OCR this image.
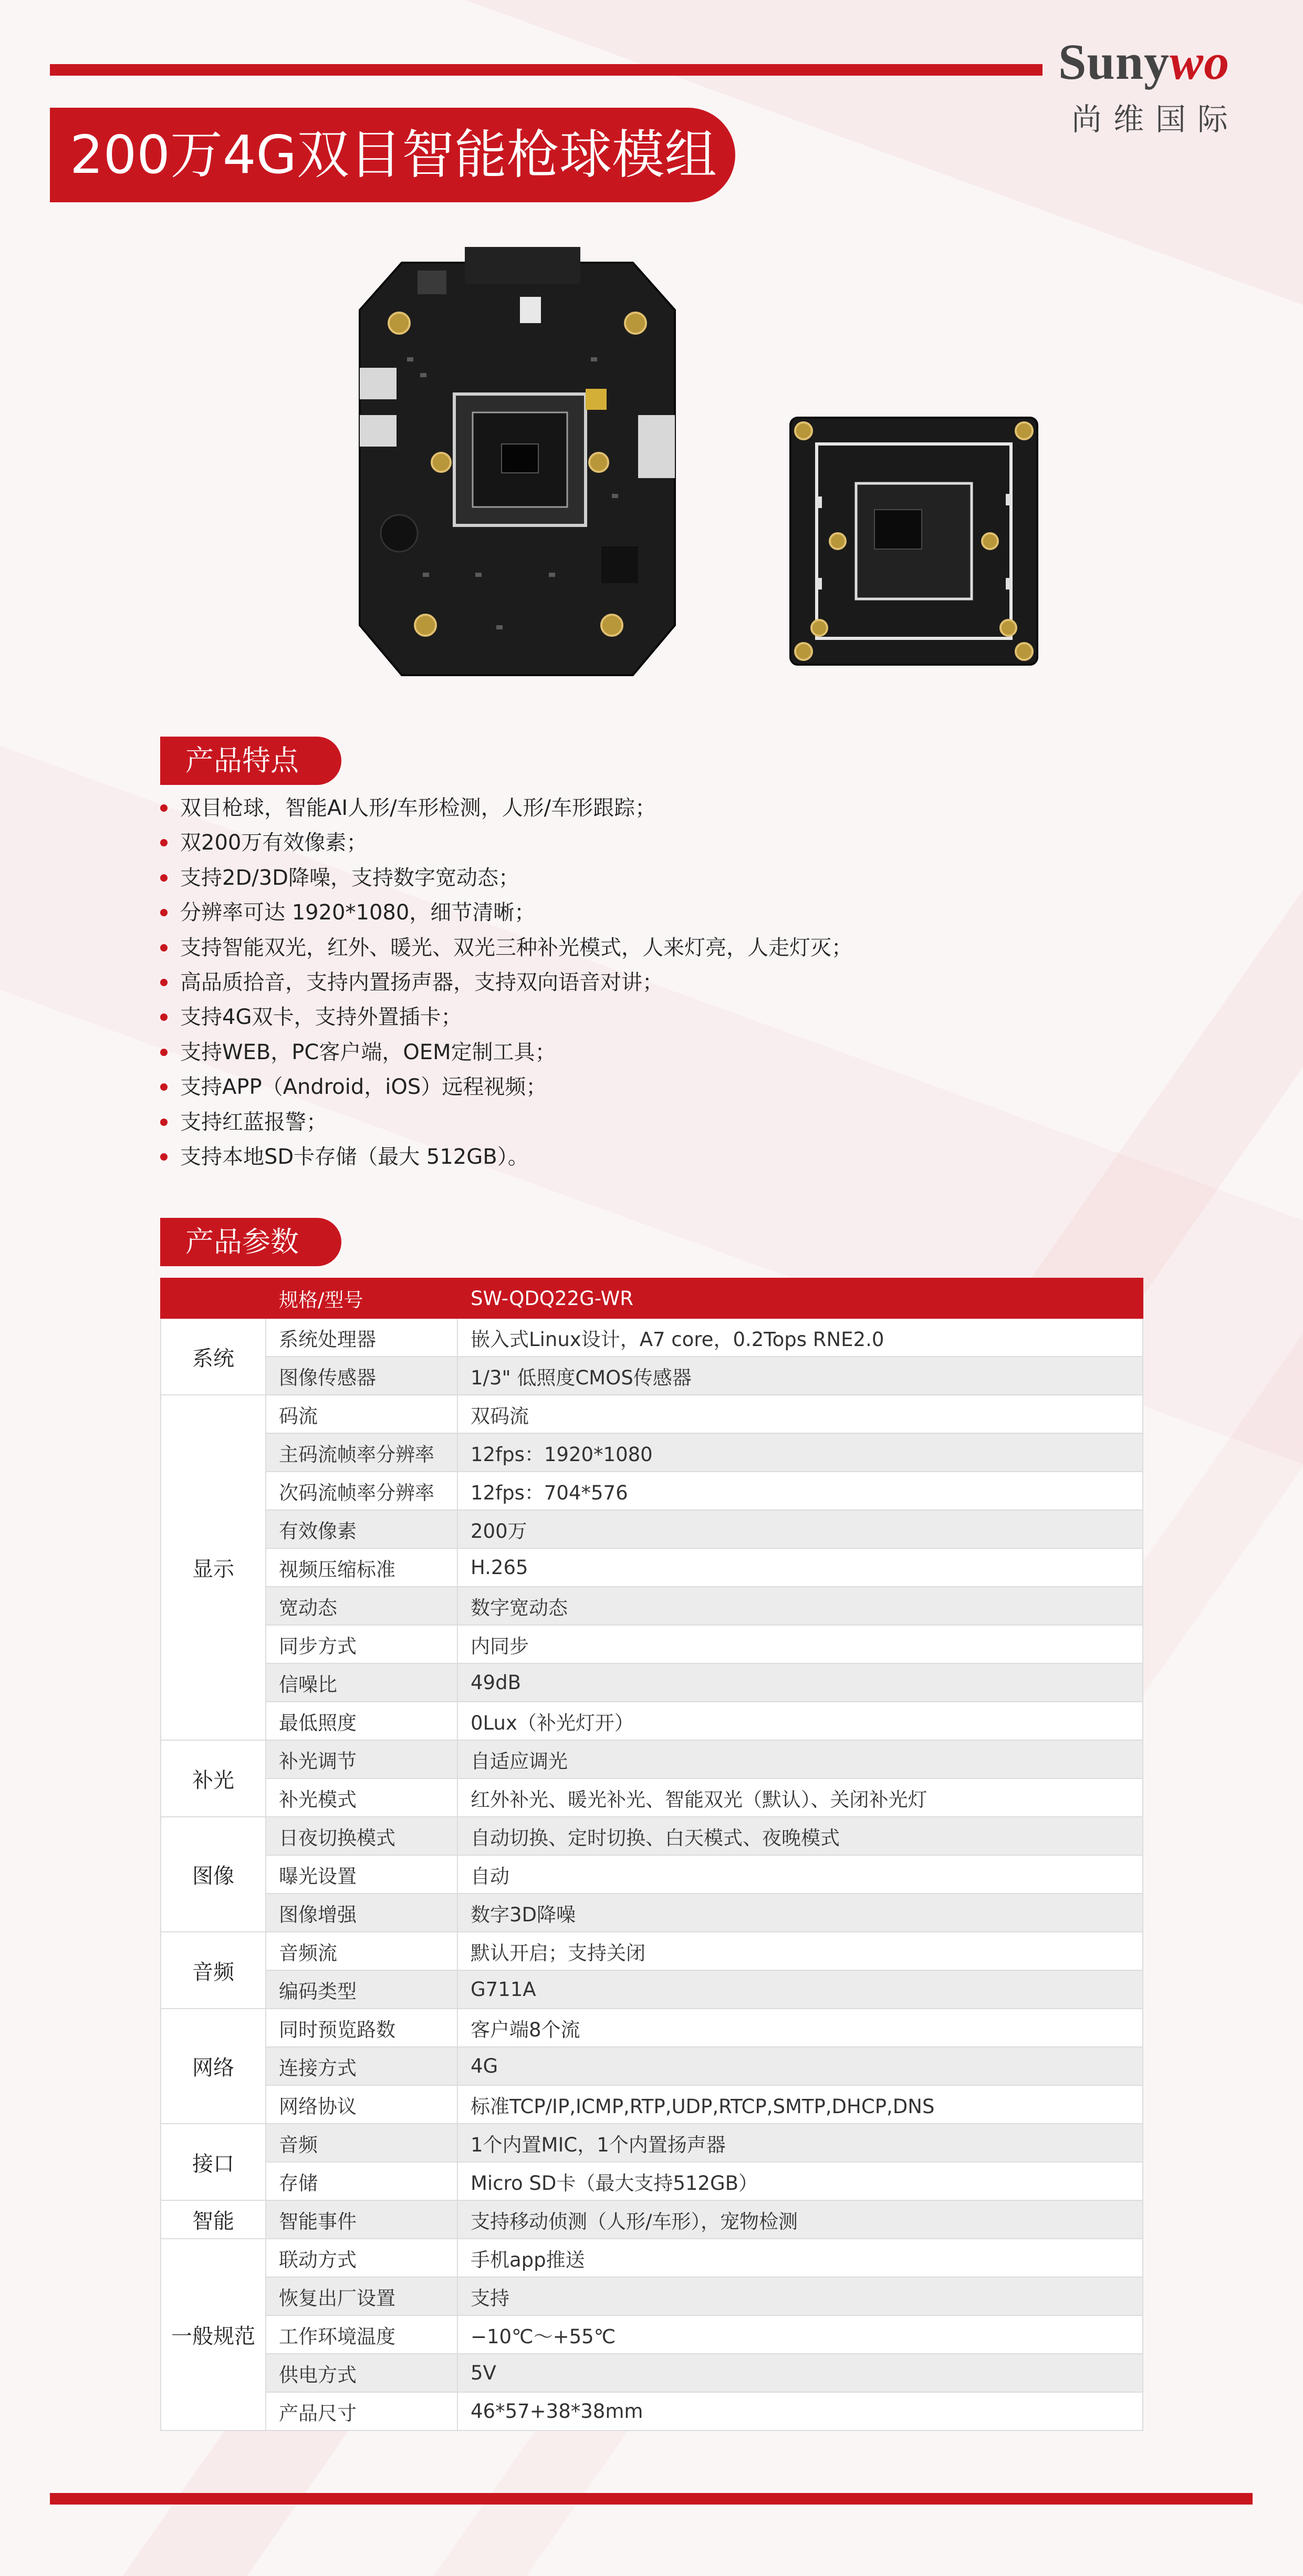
200万4G双目智能枪球模组
Sunywo
尚维国际
产品特点
双目枪球，智能AI人形/车形检测，人形/车形跟踪；
双200万有效像素；
支持2D/3D降噪，支持数字宽动态；
分辨率可达 1920*1080，细节清晰；
支持智能双光，红外、暖光、双光三种补光模式，人来灯亮，人走灯灭；
高品质拾音，支持内置扬声器，支持双向语音对讲；
支持4G双卡，支持外置插卡；
支持WEB，PC客户端，OEM定制工具；
支持APP（Android，iOS）远程视频；
支持红蓝报警；
支持本地SD卡存储（最大 512GB）。
产品参数
	规格/型号	SW-QDQ22G-WR
系统	系统处理器	嵌入式Linux设计，A7 core，0.2Tops RNE2.0
	图像传感器	1/3" 低照度CMOS传感器
显示	码流	双码流
	主码流帧率分辨率	12fps：1920*1080
	次码流帧率分辨率	12fps：704*576
	有效像素	200万
	视频压缩标准	H.265
	宽动态	数字宽动态
	同步方式	内同步
	信噪比	49dB
	最低照度	0Lux（补光灯开）
补光	补光调节	自适应调光
	补光模式	红外补光、暖光补光、智能双光（默认）、关闭补光灯
图像	日夜切换模式	自动切换、定时切换、白天模式、夜晚模式
	曝光设置	自动
	图像增强	数字3D降噪
音频	音频流	默认开启；支持关闭
	编码类型	G711A
网络	同时预览路数	客户端8个流
	连接方式	4G
	网络协议	标准TCP/IP,ICMP,RTP,UDP,RTCP,SMTP,DHCP,DNS
接口	音频	1个内置MIC，1个内置扬声器
	存储	Micro SD卡（最大支持512GB）
智能	智能事件	支持移动侦测（人形/车形），宠物检测
一般规范	联动方式	手机app推送
	恢复出厂设置	支持
	工作环境温度	−10℃～+55℃
	供电方式	5V
	产品尺寸	46*57+38*38mm
